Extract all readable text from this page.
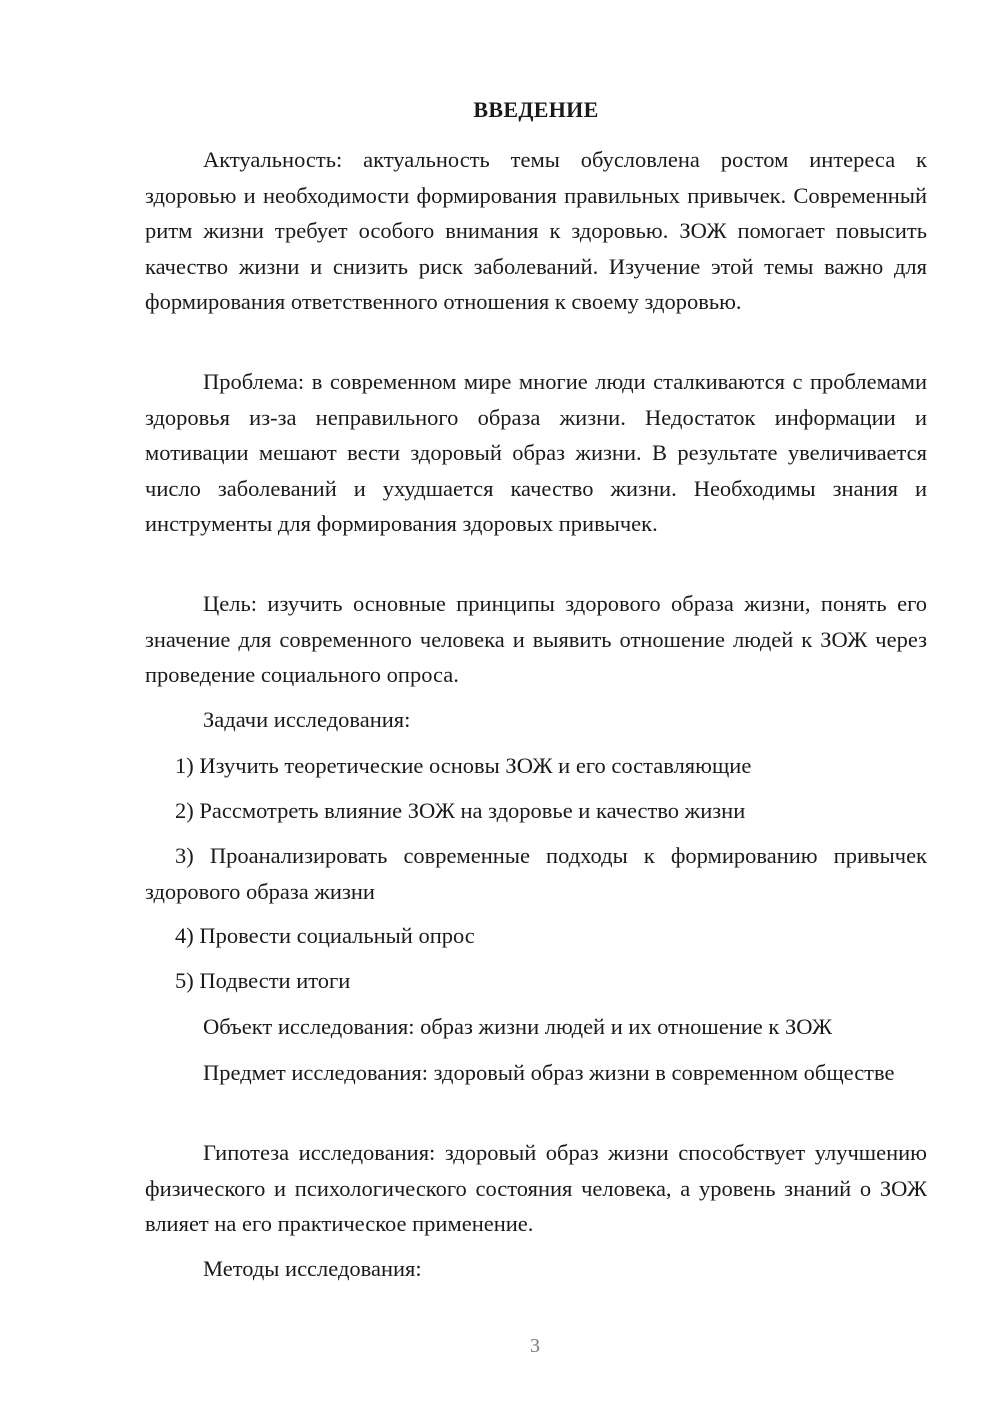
ВВЕДЕНИЕ

Актуальность: актуальность темы обусловлена ростом интереса к здоровью и необходимости формирования правильных привычек. Современный ритм жизни требует особого внимания к здоровью. ЗОЖ помогает повысить качество жизни и снизить риск заболеваний. Изучение этой темы важно для формирования ответственного отношения к своему здоровью.

Проблема: в современном мире многие люди сталкиваются с проблемами здоровья из-за неправильного образа жизни. Недостаток информации и мотивации мешают вести здоровый образ жизни. В результате увеличивается число заболеваний и ухудшается качество жизни. Необходимы знания и инструменты для формирования здоровых привычек.

Цель: изучить основные принципы здорового образа жизни, понять его значение для современного человека и выявить отношение людей к ЗОЖ через проведение социального опроса.

Задачи исследования:

1) Изучить теоретические основы ЗОЖ и его составляющие

2) Рассмотреть влияние ЗОЖ на здоровье и качество жизни

3) Проанализировать современные подходы к формированию привычек здорового образа жизни

4) Провести социальный опрос

5) Подвести итоги

Объект исследования: образ жизни людей и их отношение к ЗОЖ

Предмет исследования: здоровый образ жизни в современном обществе

Гипотеза исследования: здоровый образ жизни способствует улучшению физического и психологического состояния человека, а уровень знаний о ЗОЖ влияет на его практическое применение.

Методы исследования:

3
